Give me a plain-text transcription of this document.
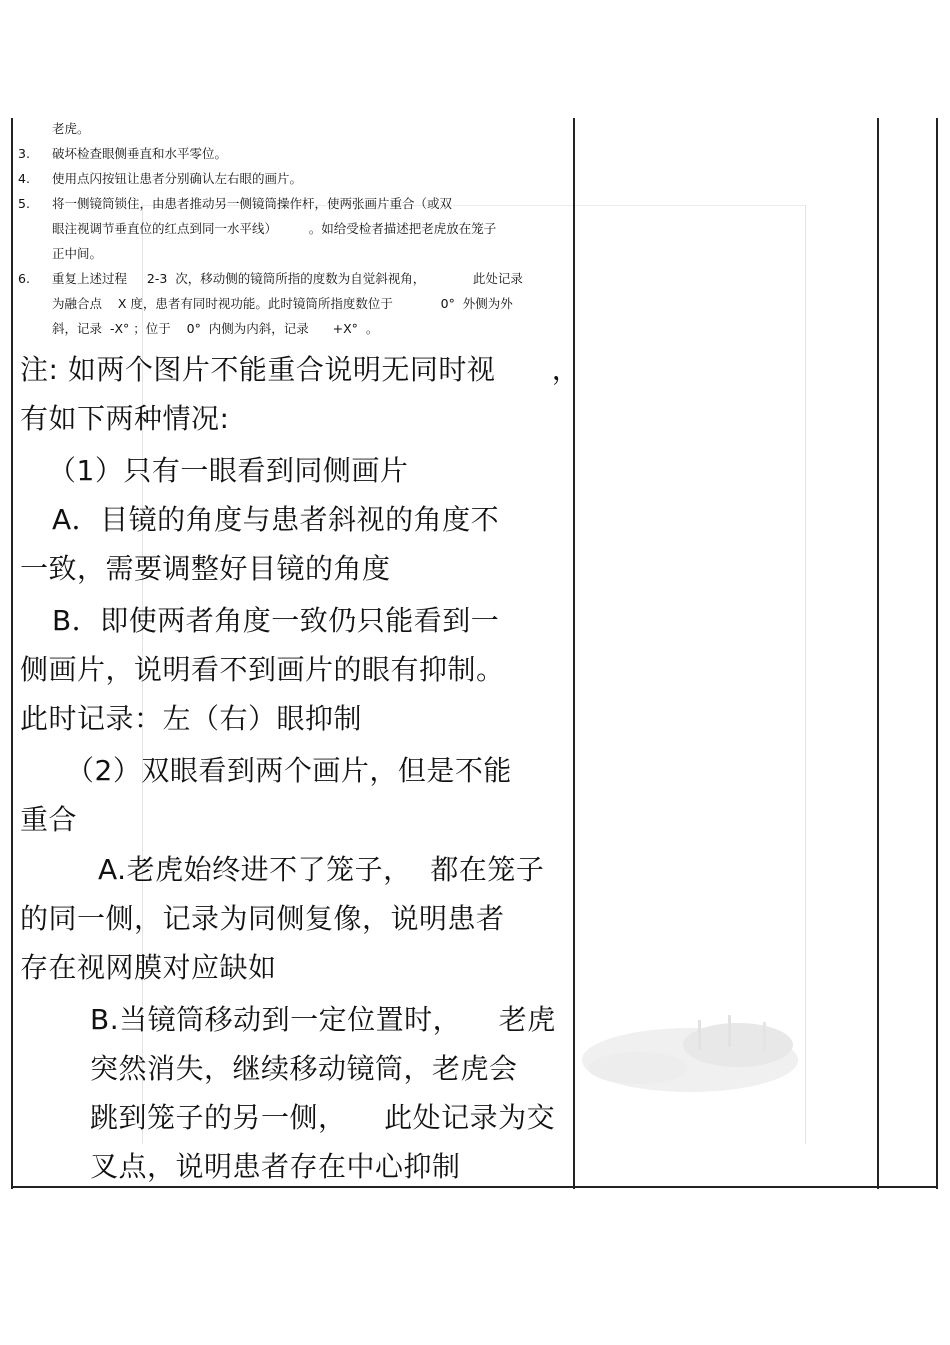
老虎。
3.	破坏检查眼侧垂直和水平零位。
4.	使用点闪按钮让患者分别确认左右眼的画片。
5.	将一侧镜筒锁住，由患者推动另一侧镜筒操作杆，使两张画片重合（或双
眼注视调节垂直位的红点到同一水平线）        。如给受检者描述把老虎放在笼子
正中间。
6.	重复上述过程     2-3  次，移动侧的镜筒所指的度数为自觉斜视角，            此处记录
为融合点    X 度，患者有同时视功能。此时镜筒所指度数位于            0°  外侧为外
斜，记录  -X° ；位于    0°  内侧为内斜，记录      +X°  。
注: 如两个图片不能重合说明无同时视      ，
有如下两种情况:
（1）只有一眼看到同侧画片
A．目镜的角度与患者斜视的角度不
一致，需要调整好目镜的角度
B．即使两者角度一致仍只能看到一
侧画片，说明看不到画片的眼有抑制。
此时记录：左（右）眼抑制
（2）双眼看到两个画片，但是不能
重合
A.老虎始终进不了笼子，  都在笼子
的同一侧，记录为同侧复像，说明患者
存在视网膜对应缺如
B.当镜筒移动到一定位置时，    老虎
突然消失，继续移动镜筒，老虎会
跳到笼子的另一侧，    此处记录为交
叉点，说明患者存在中心抑制
